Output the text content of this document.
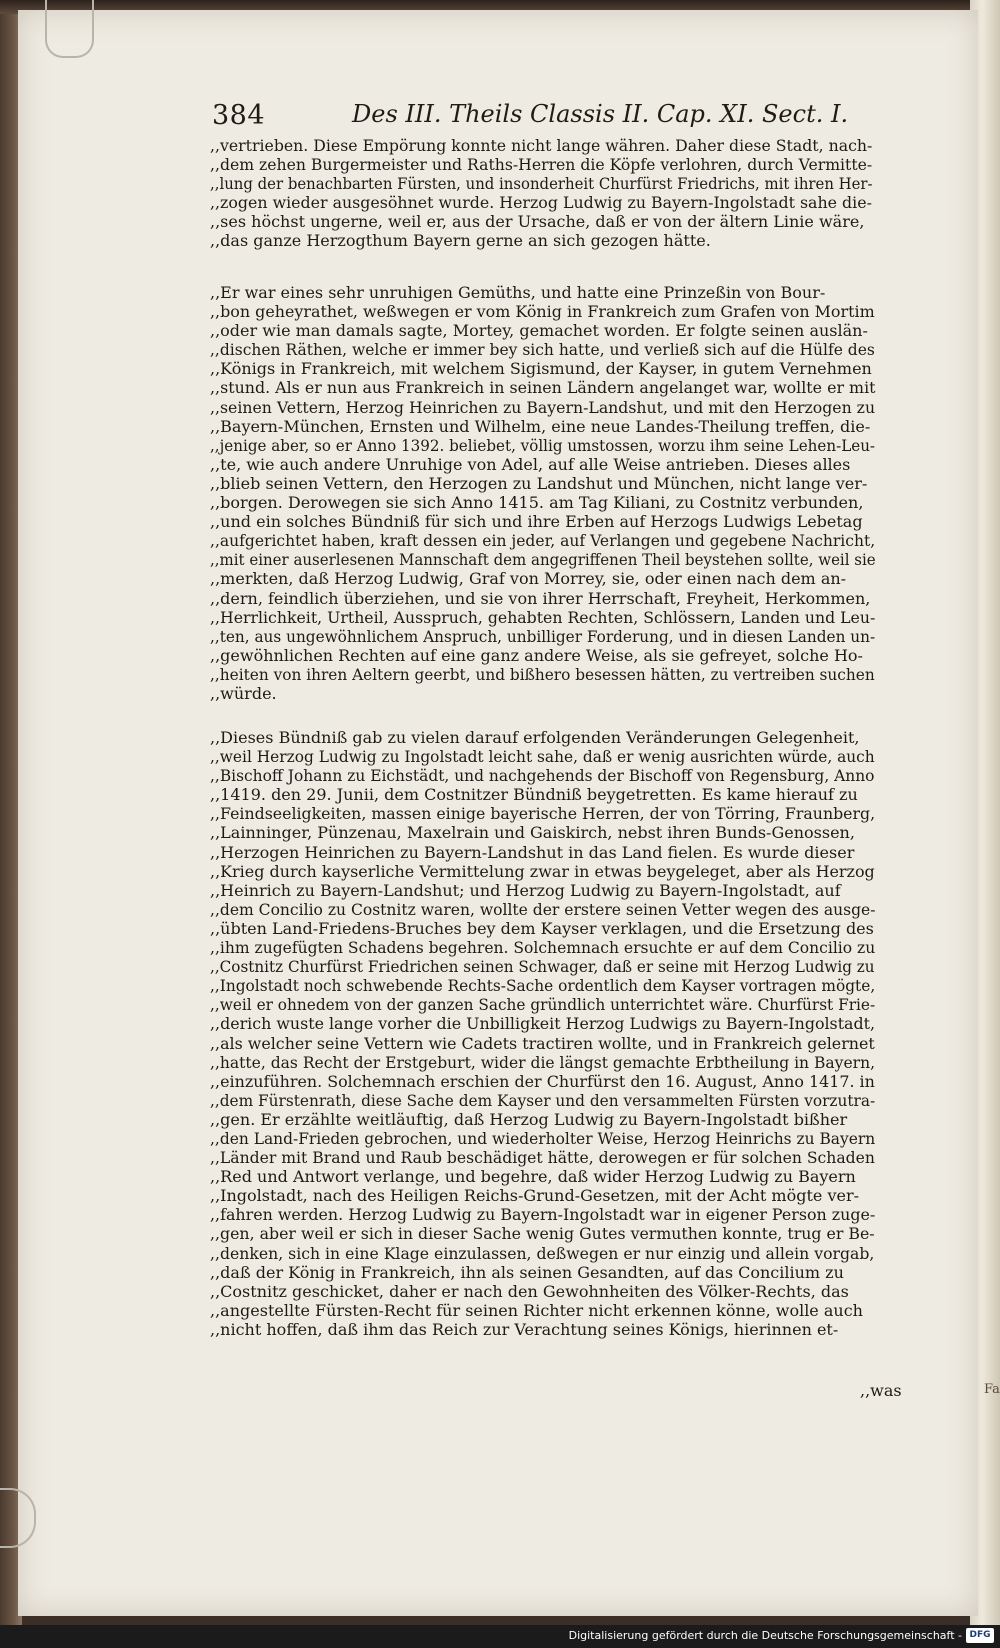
Fa
384	Des III. Theils Classis II. Cap. XI. Sect. I.
,,vertrieben. Diese Empörung konnte nicht lange währen. Daher diese Stadt, nach-
,,dem zehen Burgermeister und Raths-Herren die Köpfe verlohren, durch Vermitte-
,,lung der benachbarten Fürsten, und insonderheit Churfürst Friedrichs, mit ihren Her-
,,zogen wieder ausgesöhnet wurde. Herzog Ludwig zu Bayern-Ingolstadt sahe die-
,,ses höchst ungerne, weil er, aus der Ursache, daß er von der ältern Linie wäre,
,,das ganze Herzogthum Bayern gerne an sich gezogen hätte.
,,Er war eines sehr unruhigen Gemüths, und hatte eine Prinzeßin von Bour-
,,bon geheyrathet, weßwegen er vom König in Frankreich zum Grafen von Mortim
,,oder wie man damals sagte, Mortey, gemachet worden. Er folgte seinen auslän-
,,dischen Räthen, welche er immer bey sich hatte, und verließ sich auf die Hülfe des
,,Königs in Frankreich, mit welchem Sigismund, der Kayser, in gutem Vernehmen
,,stund. Als er nun aus Frankreich in seinen Ländern angelanget war, wollte er mit
,,seinen Vettern, Herzog Heinrichen zu Bayern-Landshut, und mit den Herzogen zu
,,Bayern-München, Ernsten und Wilhelm, eine neue Landes-Theilung treffen, die-
,,jenige aber, so er Anno 1392. beliebet, völlig umstossen, worzu ihm seine Lehen-Leu-
,,te, wie auch andere Unruhige von Adel, auf alle Weise antrieben. Dieses alles
,,blieb seinen Vettern, den Herzogen zu Landshut und München, nicht lange ver-
,,borgen. Derowegen sie sich Anno 1415. am Tag Kiliani, zu Costnitz verbunden,
,,und ein solches Bündniß für sich und ihre Erben auf Herzogs Ludwigs Lebetag
,,aufgerichtet haben, kraft dessen ein jeder, auf Verlangen und gegebene Nachricht,
,,mit einer auserlesenen Mannschaft dem angegriffenen Theil beystehen sollte, weil sie
,,merkten, daß Herzog Ludwig, Graf von Morrey, sie, oder einen nach dem an-
,,dern, feindlich überziehen, und sie von ihrer Herrschaft, Freyheit, Herkommen,
,,Herrlichkeit, Urtheil, Ausspruch, gehabten Rechten, Schlössern, Landen und Leu-
,,ten, aus ungewöhnlichem Anspruch, unbilliger Forderung, und in diesen Landen un-
,,gewöhnlichen Rechten auf eine ganz andere Weise, als sie gefreyet, solche Ho-
,,heiten von ihren Aeltern geerbt, und bißhero besessen hätten, zu vertreiben suchen
,,würde.
,,Dieses Bündniß gab zu vielen darauf erfolgenden Veränderungen Gelegenheit,
,,weil Herzog Ludwig zu Ingolstadt leicht sahe, daß er wenig ausrichten würde, auch
,,Bischoff Johann zu Eichstädt, und nachgehends der Bischoff von Regensburg, Anno
,,1419. den 29. Junii, dem Costnitzer Bündniß beygetretten. Es kame hierauf zu
,,Feindseeligkeiten, massen einige bayerische Herren, der von Törring, Fraunberg,
,,Lainninger, Pünzenau, Maxelrain und Gaiskirch, nebst ihren Bunds-Genossen,
,,Herzogen Heinrichen zu Bayern-Landshut in das Land fielen. Es wurde dieser
,,Krieg durch kayserliche Vermittelung zwar in etwas beygeleget, aber als Herzog
,,Heinrich zu Bayern-Landshut; und Herzog Ludwig zu Bayern-Ingolstadt, auf
,,dem Concilio zu Costnitz waren, wollte der erstere seinen Vetter wegen des ausge-
,,übten Land-Friedens-Bruches bey dem Kayser verklagen, und die Ersetzung des
,,ihm zugefügten Schadens begehren. Solchemnach ersuchte er auf dem Concilio zu
,,Costnitz Churfürst Friedrichen seinen Schwager, daß er seine mit Herzog Ludwig zu
,,Ingolstadt noch schwebende Rechts-Sache ordentlich dem Kayser vortragen mögte,
,,weil er ohnedem von der ganzen Sache gründlich unterrichtet wäre. Churfürst Frie-
,,derich wuste lange vorher die Unbilligkeit Herzog Ludwigs zu Bayern-Ingolstadt,
,,als welcher seine Vettern wie Cadets tractiren wollte, und in Frankreich gelernet
,,hatte, das Recht der Erstgeburt, wider die längst gemachte Erbtheilung in Bayern,
,,einzuführen. Solchemnach erschien der Churfürst den 16. August, Anno 1417. in
,,dem Fürstenrath, diese Sache dem Kayser und den versammelten Fürsten vorzutra-
,,gen. Er erzählte weitläuftig, daß Herzog Ludwig zu Bayern-Ingolstadt bißher
,,den Land-Frieden gebrochen, und wiederholter Weise, Herzog Heinrichs zu Bayern
,,Länder mit Brand und Raub beschädiget hätte, derowegen er für solchen Schaden
,,Red und Antwort verlange, und begehre, daß wider Herzog Ludwig zu Bayern
,,Ingolstadt, nach des Heiligen Reichs-Grund-Gesetzen, mit der Acht mögte ver-
,,fahren werden. Herzog Ludwig zu Bayern-Ingolstadt war in eigener Person zuge-
,,gen, aber weil er sich in dieser Sache wenig Gutes vermuthen konnte, trug er Be-
,,denken, sich in eine Klage einzulassen, deßwegen er nur einzig und allein vorgab,
,,daß der König in Frankreich, ihn als seinen Gesandten, auf das Concilium zu
,,Costnitz geschicket, daher er nach den Gewohnheiten des Völker-Rechts, das
,,angestellte Fürsten-Recht für seinen Richter nicht erkennen könne, wolle auch
,,nicht hoffen, daß ihm das Reich zur Verachtung seines Königs, hierinnen et-
,,was
Digitalisierung gefördert durch die Deutsche Forschungsgemeinschaft - DFG
